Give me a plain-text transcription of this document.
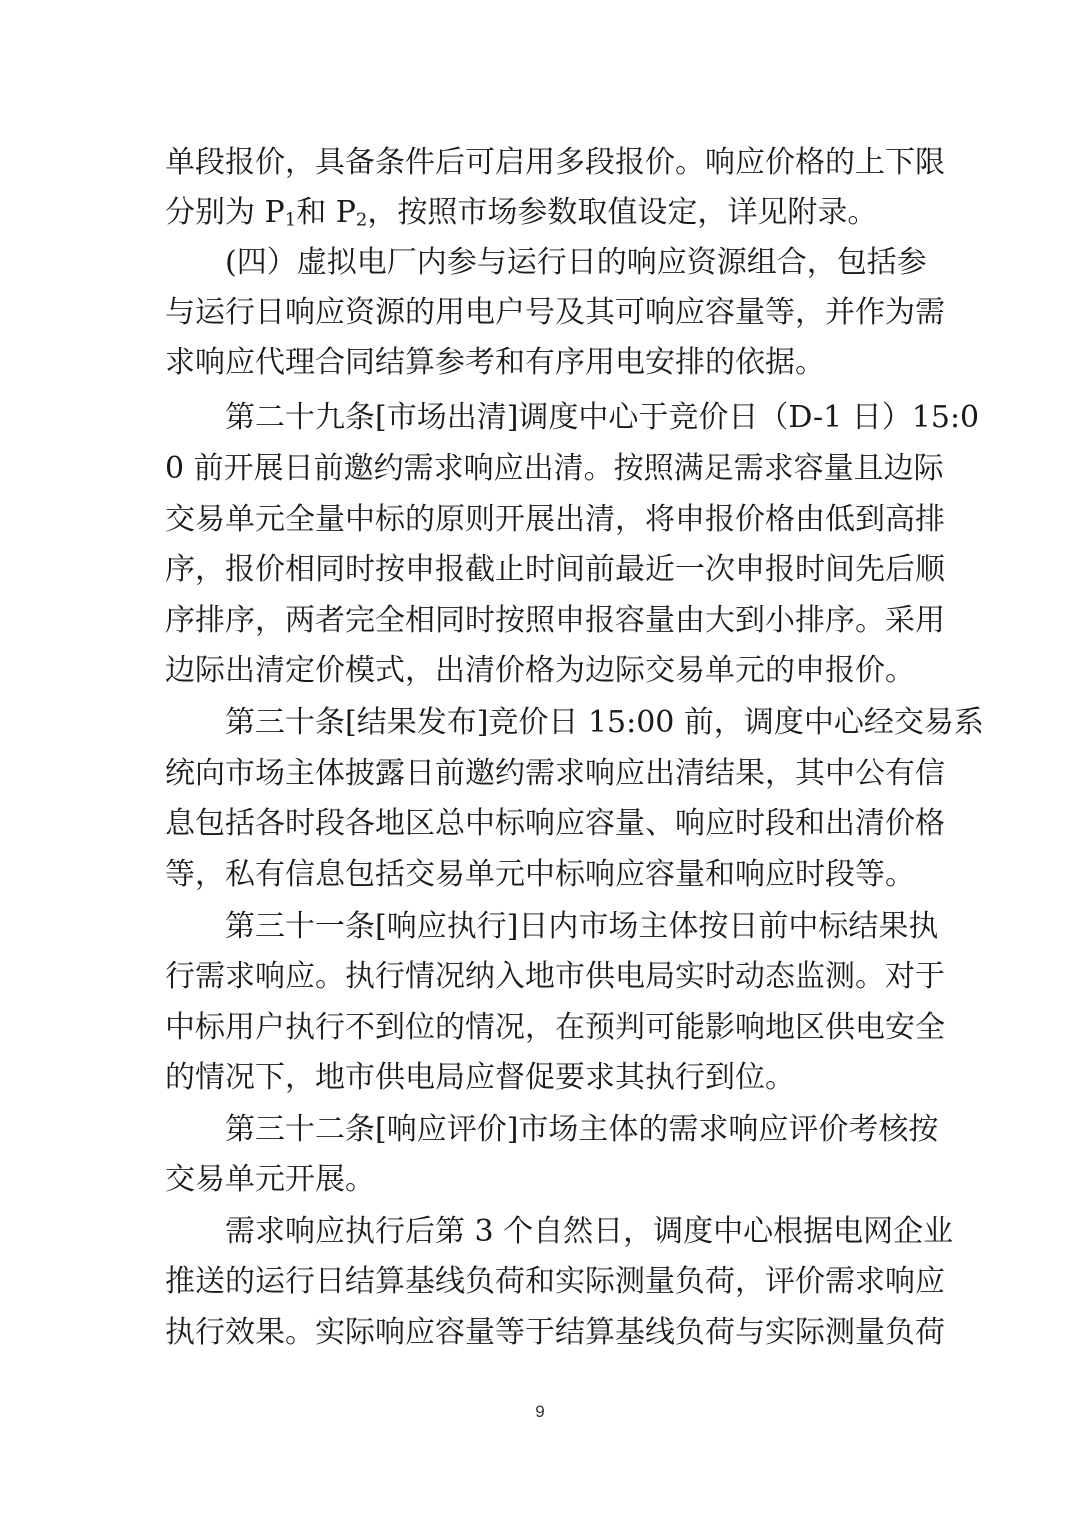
单段报价，具备条件后可启用多段报价。响应价格的上下限
分别为 $P_1$和 $P_2$，按照市场参数取值设定，详见附录。
(四）虚拟电厂内参与运行日的响应资源组合，包括参
与运行日响应资源的用电户号及其可响应容量等，并作为需
求响应代理合同结算参考和有序用电安排的依据。
第二十九条[市场出清]调度中心于竞价日（D-1 日）15:0
0 前开展日前邀约需求响应出清。按照满足需求容量且边际
交易单元全量中标的原则开展出清，将申报价格由低到高排
序，报价相同时按申报截止时间前最近一次申报时间先后顺
序排序，两者完全相同时按照申报容量由大到小排序。采用
边际出清定价模式，出清价格为边际交易单元的申报价。
第三十条[结果发布]竞价日 15:00 前，调度中心经交易系
统向市场主体披露日前邀约需求响应出清结果，其中公有信
息包括各时段各地区总中标响应容量、响应时段和出清价格
等，私有信息包括交易单元中标响应容量和响应时段等。
第三十一条[响应执行]日内市场主体按日前中标结果执
行需求响应。执行情况纳入地市供电局实时动态监测。对于
中标用户执行不到位的情况，在预判可能影响地区供电安全
的情况下，地市供电局应督促要求其执行到位。
第三十二条[响应评价]市场主体的需求响应评价考核按
交易单元开展。
需求响应执行后第 3 个自然日，调度中心根据电网企业
推送的运行日结算基线负荷和实际测量负荷，评价需求响应
执行效果。实际响应容量等于结算基线负荷与实际测量负荷
9
